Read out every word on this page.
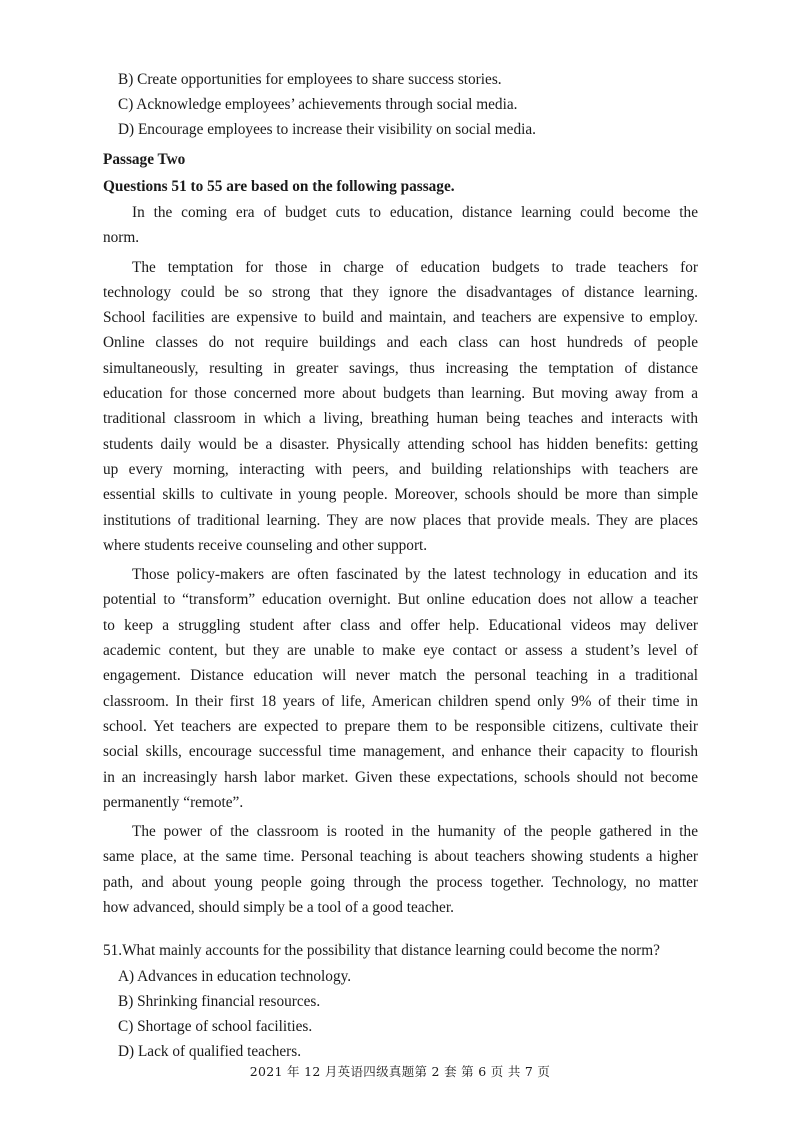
B) Create opportunities for employees to share success stories.
C) Acknowledge employees’ achievements through social media.
D) Encourage employees to increase their visibility on social media.
Passage Two
Questions 51 to 55 are based on the following passage.
In the coming era of budget cuts to education, distance learning could become the
norm.
The temptation for those in charge of education budgets to trade teachers for
technology could be so strong that they ignore the disadvantages of distance learning.
School facilities are expensive to build and maintain, and teachers are expensive to employ.
Online classes do not require buildings and each class can host hundreds of people
simultaneously, resulting in greater savings, thus increasing the temptation of distance
education for those concerned more about budgets than learning. But moving away from a
traditional classroom in which a living, breathing human being teaches and interacts with
students daily would be a disaster. Physically attending school has hidden benefits: getting
up every morning, interacting with peers, and building relationships with teachers are
essential skills to cultivate in young people. Moreover, schools should be more than simple
institutions of traditional learning. They are now places that provide meals. They are places
where students receive counseling and other support.
Those policy-makers are often fascinated by the latest technology in education and its
potential to “transform” education overnight. But online education does not allow a teacher
to keep a struggling student after class and offer help. Educational videos may deliver
academic content, but they are unable to make eye contact or assess a student’s level of
engagement. Distance education will never match the personal teaching in a traditional
classroom. In their first 18 years of life, American children spend only 9% of their time in
school. Yet teachers are expected to prepare them to be responsible citizens, cultivate their
social skills, encourage successful time management, and enhance their capacity to flourish
in an increasingly harsh labor market. Given these expectations, schools should not become
permanently “remote”.
The power of the classroom is rooted in the humanity of the people gathered in the
same place, at the same time. Personal teaching is about teachers showing students a higher
path, and about young people going through the process together. Technology, no matter
how advanced, should simply be a tool of a good teacher.
51.What mainly accounts for the possibility that distance learning could become the norm?
A) Advances in education technology.
B) Shrinking financial resources.
C) Shortage of school facilities.
D) Lack of qualified teachers.
2021 年 12 月英语四级真题第 2 套 第 6 页 共 7 页
